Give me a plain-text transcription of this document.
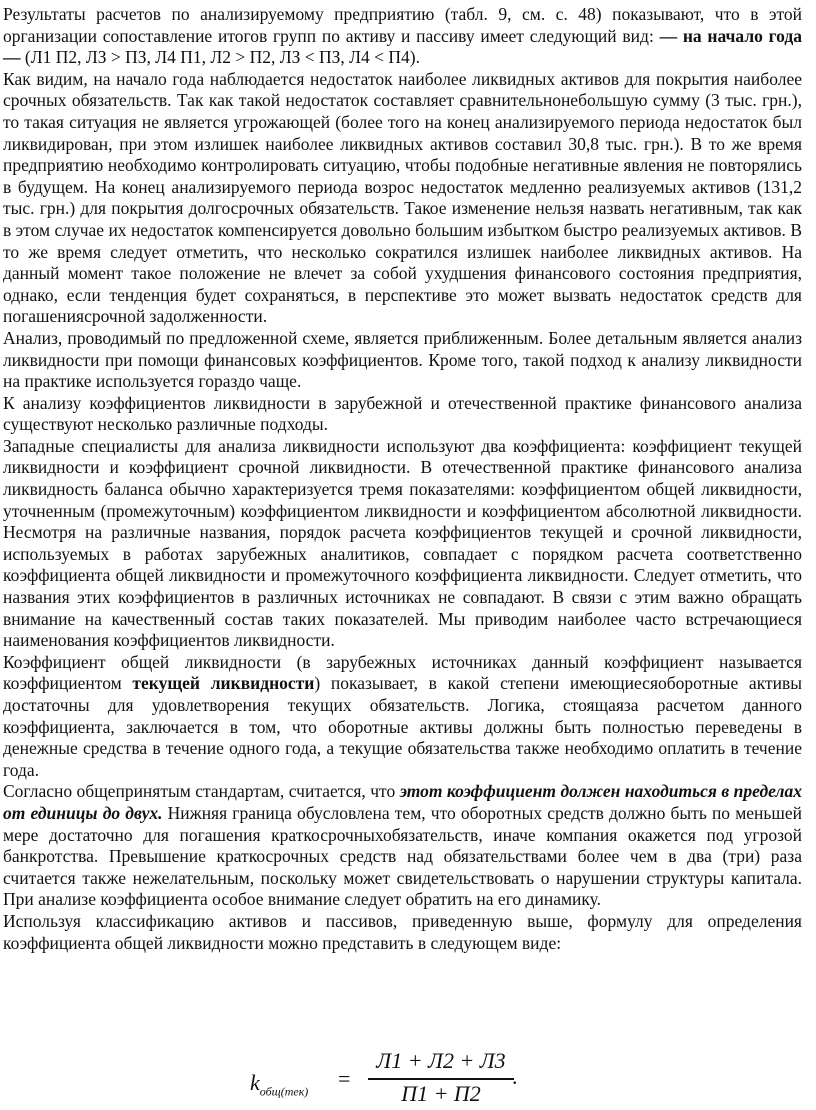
Результаты расчетов по анализируемому предприятию (табл. 9, см. с. 48) показывают, что в этой организации сопоставление итогов групп по активу и пассиву имеет следующий вид: — на начало года — (Л1 П2, ЛЗ > ПЗ, Л4 П1, Л2 > П2, ЛЗ < ПЗ, Л4 < П4).

Как видим, на начало года наблюдается недостаток наиболее ликвидных активов для покрытия наиболее срочных обязательств. Так как такой недостаток составляет сравнительнонебольшую сумму (3 тыс. грн.), то такая ситуация не является угрожающей (более того на конец анализируемого периода недостаток был ликвидирован, при этом излишек наиболее ликвидных активов составил 30,8 тыс. грн.). В то же время предприятию необходимо контролировать ситуацию, чтобы подобные негативные явления не повторялись в будущем. На конец анализируемого периода возрос недостаток медленно реализуемых активов (131,2 тыс. грн.) для покрытия долгосрочных обязательств. Такое изменение нельзя назвать негативным, так как в этом случае их недостаток компенсируется довольно большим избытком быстро реализуемых активов. В то же время следует отметить, что несколько сократился излишек наиболее ликвидных активов. На данный момент такое положение не влечет за собой ухудшения финансового состояния предприятия, однако, если тенденция будет сохраняться, в перспективе это может вызвать недостаток средств для погашениясрочной задолженности.

Анализ, проводимый по предложенной схеме, является приближенным. Более детальным является анализ ликвидности при помощи финансовых коэффициентов. Кроме того, такой подход к анализу ликвидности на практике используется гораздо чаще.

К анализу коэффициентов ликвидности в зарубежной и отечественной практике финансового анализа существуют несколько различные подходы.

Западные специалисты для анализа ликвидности используют два коэффициента: коэффициент текущей ликвидности и коэффициент срочной ликвидности. В отечественной практике финансового анализа ликвидность баланса обычно характеризуется тремя показателями: коэффициентом общей ликвидности, уточненным (промежуточным) коэффициентом ликвидности и коэффициентом абсолютной ликвидности. Несмотря на различные названия, порядок расчета коэффициентов текущей и срочной ликвидности, используемых в работах зарубежных аналитиков, совпадает с порядком расчета соответственно коэффициента общей ликвидности и промежуточного коэффициента ликвидности. Следует отметить, что названия этих коэффициентов в различных источниках не совпадают. В связи с этим важно обращать внимание на качественный состав таких показателей. Мы приводим наиболее часто встречающиеся наименования коэффициентов ликвидности.

Коэффициент общей ликвидности (в зарубежных источниках данный коэффициент называется коэффициентом текущей ликвидности) показывает, в какой степени имеющиесяоборотные активы достаточны для удовлетворения текущих обязательств. Логика, стоящаяза расчетом данного коэффициента, заключается в том, что оборотные активы должны быть полностью переведены в денежные средства в течение одного года, а текущие обязательства также необходимо оплатить в течение года.

Согласно общепринятым стандартам, считается, что этот коэффициент должен находиться в пределах от единицы до двух. Нижняя граница обусловлена тем, что оборотных средств должно быть по меньшей мере достаточно для погашения краткосрочныхобязательств, иначе компания окажется под угрозой банкротства. Превышение краткосрочных средств над обязательствами более чем в два (три) раза считается также нежелательным, поскольку может свидетельствовать о нарушении структуры капитала. При анализе коэффициента особое внимание следует обратить на его динамику.

Используя классификацию активов и пассивов, приведенную выше, формулу для определения коэффициента общей ликвидности можно представить в следующем виде:

$k_{общ(тек)}$
=
Л1 + Л2 + Л3
П1 + П2
.
